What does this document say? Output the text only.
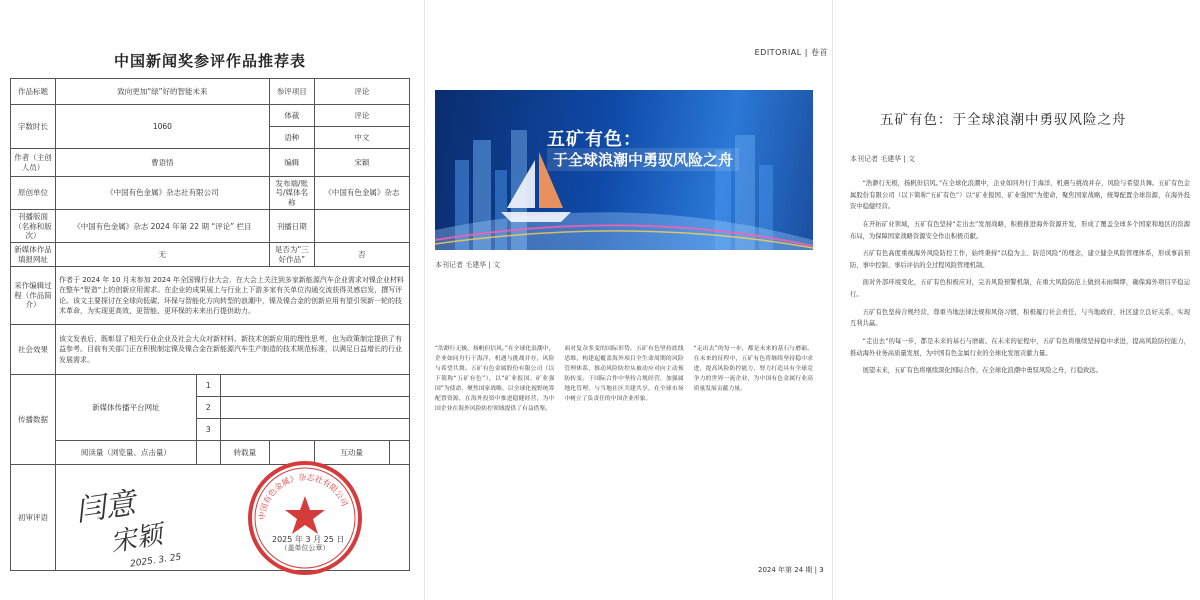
中国新闻奖参评作品推荐表
作品标题	致向更加“绿”好的智能未来			参评项目	评论	
字数时长	1060			体裁	评论	
				语种	中文	
作者（主创人员）	曹语悟			编辑	宋颖	
原创单位	《中国有色金属》杂志社有限公司			发布端/账号/媒体名称	《中国有色金属》杂志	
刊播版面（名称和版次）	《中国有色金属》杂志 2024 年第 22 期 “评论” 栏目			刊播日期		
新媒体作品填报网址	无			是否为“三好作品”	否	
采作编辑过程（作品简介）	作者于 2024 年 10 月末参加 2024 年全国镍行业大会，在大会上关注到多家新能源汽车企业需求对镍企业材料在整车“智造”上的创新应用需求。在企业的成果展上与行业上下游多家有关单位沟通交流获得灵感启发，撰写评论。该文主要探讨在全球向低碳、环保与智能化方向转型的浪潮中，镍及镍合金的创新应用有望引领新一轮的技术革命，为实现更高效、更智能、更环保的未来出行提供助力。					
社会效果	该文发表后，既彰显了相关行业企业及社会大众对新材料、新技术创新应用的理性思考，也为政策制定提供了有益参考。目前有关部门正在积极制定镍及镍合金在新能源汽车生产制造的技术规范标准，以满足日益增长的行业发展需求。					
传播数据	新媒体传播平台网址	1				
		2				
		3				
	阅读量（浏览量、点击量）		转载量		互动量	
初审评语						闫意
宋颖
2025. 3. 25
中国有色金属》杂志社有限公司
（盖单位公章）
2025 年 3 月 25 日
EDITORIAL | 卷首
五矿有色：
于全球浪潮中勇驭风险之舟
本刊记者 毛建华 | 文
“浩渺行无极，扬帆但信风。”在全球化浪潮中，企业如同舟行于海洋，机遇与挑战并存，风险与希望共舞。五矿有色金属股份有限公司（以下简称“五矿有色”），以“矿业报国、矿业强国”为使命，聚焦国家战略，以全球化视野统筹配置资源，在海外投资中推进稳健经营，为中国企业在海外风险防控领域提供了有益借鉴。
面对复杂多变的国际形势，五矿有色坚持底线思维，构建起覆盖海外项目全生命周期的风险管理体系，推动风险防控从被动应对向主动预防转变。于国际合作中坚持合规经营，加强属地化管理，与当地社区共建共享，在全球市场中树立了负责任的中国企业形象。
“走出去”的每一步，都是未来的基石与磨砺。在未来的征程中，五矿有色将继续坚持稳中求进，提高风险防控能力，努力打造具有全球竞争力的世界一流企业，为中国有色金属行业高质量发展贡献力量。
2024 年第 24 期 | 3
五矿有色：于全球浪潮中勇驭风险之舟
本刊记者 毛建华 | 文

“浩渺行无极，扬帆但信风。”在全球化浪潮中，企业如同舟行于海洋，机遇与挑战并存，风险与希望共舞。五矿有色金属股份有限公司（以下简称“五矿有色”）以“矿业报国、矿业强国”为使命，聚焦国家战略，统筹配置全球资源，在海外投资中稳健经营。

在开拓矿业领域，五矿有色坚持“走出去”发展战略，积极推进海外资源开发，形成了覆盖全球多个国家和地区的资源布局，为保障国家战略资源安全作出积极贡献。

五矿有色高度重视海外风险防控工作，始终秉持“以稳为主、防范风险”的理念，建立健全风险管理体系，形成事前预防、事中控制、事后评估的全过程风险管理机制。

面对外部环境变化，五矿有色积极应对，完善风险预警机制，在重大风险防范上做到未雨绸缪，确保海外项目平稳运行。

五矿有色坚持合规经营，尊重当地法律法规和风俗习惯，积极履行社会责任，与当地政府、社区建立良好关系，实现互利共赢。

“走出去”的每一步，都是未来的基石与磨砺。在未来的征程中，五矿有色将继续坚持稳中求进，提高风险防控能力，推动海外业务高质量发展，为中国有色金属行业的全球化发展贡献力量。

展望未来，五矿有色将继续深化国际合作，在全球化浪潮中勇驭风险之舟，行稳致远。
